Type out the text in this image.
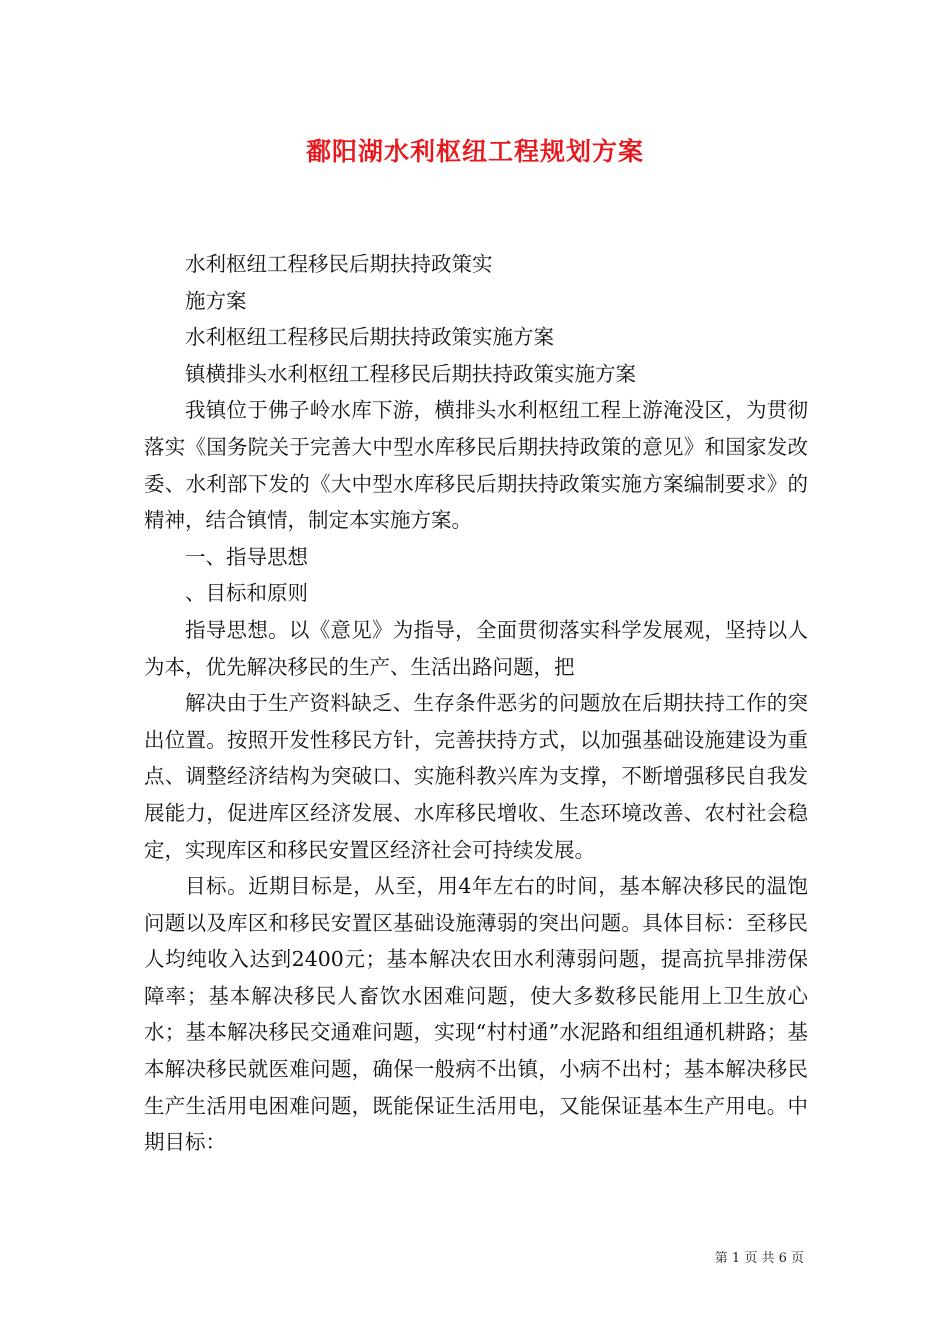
鄱阳湖水利枢纽工程规划方案

水利枢纽工程移民后期扶持政策实

施方案

水利枢纽工程移民后期扶持政策实施方案

镇横排头水利枢纽工程移民后期扶持政策实施方案

我镇位于佛子岭水库下游，横排头水利枢纽工程上游淹没区，为贯彻落实《国务院关于完善大中型水库移民后期扶持政策的意见》和国家发改委、水利部下发的《大中型水库移民后期扶持政策实施方案编制要求》的精神，结合镇情，制定本实施方案。

一、指导思想

、目标和原则

指导思想。以《意见》为指导，全面贯彻落实科学发展观，坚持以人为本，优先解决移民的生产、生活出路问题，把

解决由于生产资料缺乏、生存条件恶劣的问题放在后期扶持工作的突出位置。按照开发性移民方针，完善扶持方式，以加强基础设施建设为重点、调整经济结构为突破口、实施科教兴库为支撑，不断增强移民自我发展能力，促进库区经济发展、水库移民增收、生态环境改善、农村社会稳定，实现库区和移民安置区经济社会可持续发展。

目标。近期目标是，从至，用4年左右的时间，基本解决移民的温饱问题以及库区和移民安置区基础设施薄弱的突出问题。具体目标：至移民人均纯收入达到2400元；基本解决农田水利薄弱问题，提高抗旱排涝保障率；基本解决移民人畜饮水困难问题，使大多数移民能用上卫生放心水；基本解决移民交通难问题，实现“村村通”水泥路和组组通机耕路；基本解决移民就医难问题，确保一般病不出镇，小病不出村；基本解决移民生产生活用电困难问题，既能保证生活用电，又能保证基本生产用电。中期目标：

第 1 页 共 6 页
